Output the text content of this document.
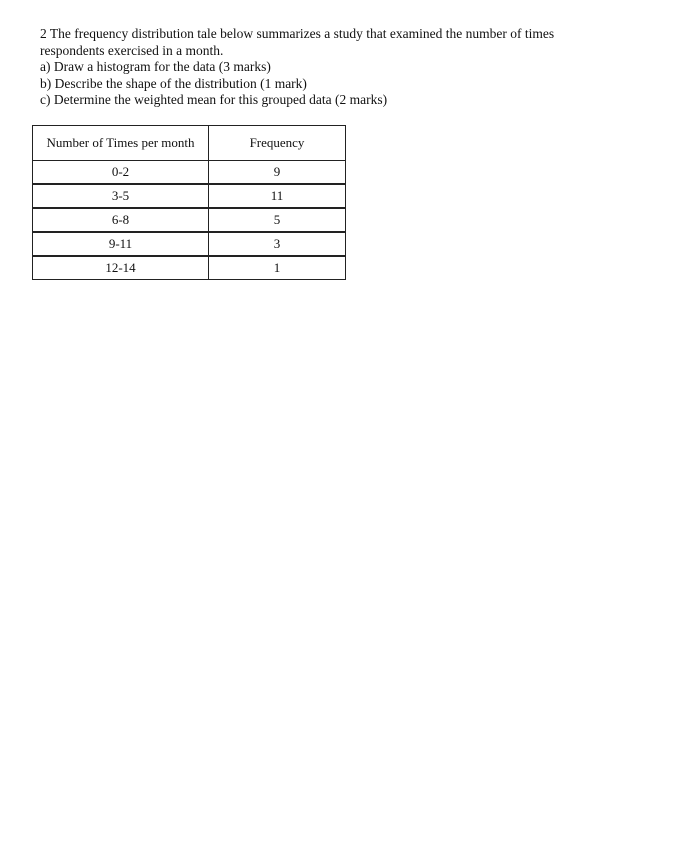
2 The frequency distribution tale below summarizes a study that examined the number of times
respondents exercised in a month.
a) Draw a histogram for the data (3 marks)
b) Describe the shape of the distribution (1 mark)
c) Determine the weighted mean for this grouped data (2 marks)
Number of Times per month	Frequency
0-2	9
3-5	11
6-8	5
9-11	3
12-14	1
